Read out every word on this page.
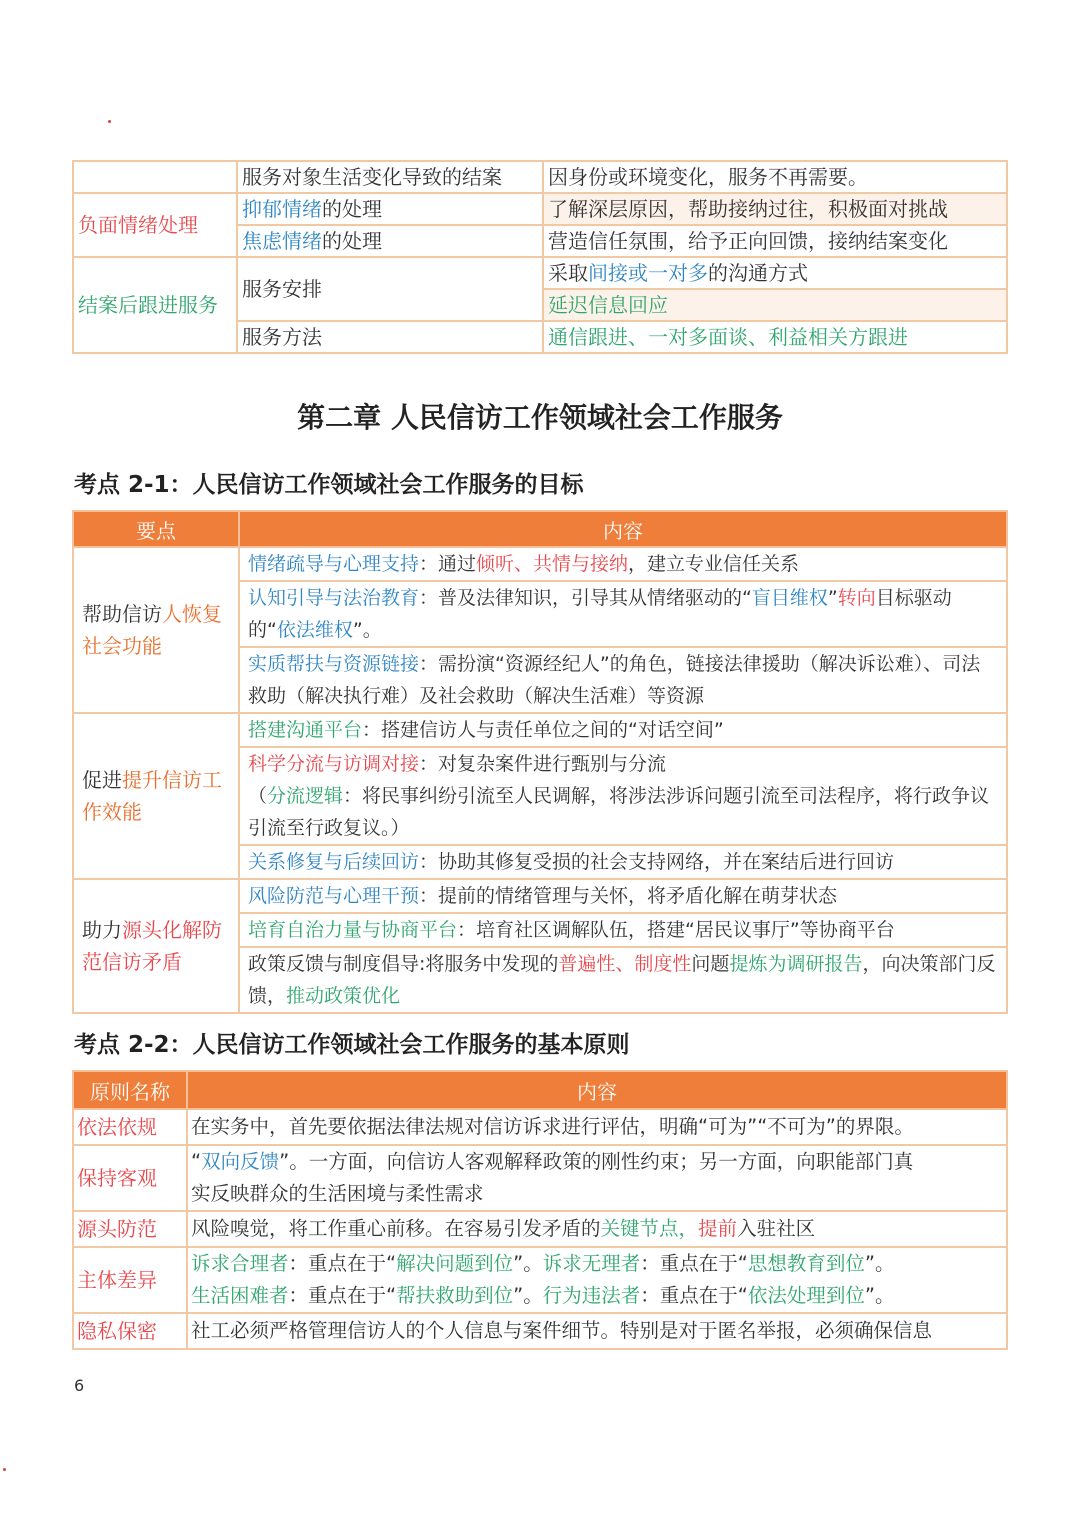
	服务对象生活变化导致的结案	因身份或环境变化，服务不再需要。
负面情绪处理	抑郁情绪的处理	了解深层原因，帮助接纳过往，积极面对挑战
	焦虑情绪的处理	营造信任氛围，给予正向回馈，接纳结案变化
结案后跟进服务	服务安排	采取间接或一对多的沟通方式
		延迟信息回应
	服务方法	通信跟进、一对多面谈、利益相关方跟进
第二章 人民信访工作领域社会工作服务
考点 2-1：人民信访工作领域社会工作服务的目标
要点	内容
帮助信访人恢复社会功能	情绪疏导与心理支持：通过倾听、共情与接纳，建立专业信任关系
	认知引导与法治教育：普及法律知识，引导其从情绪驱动的“盲目维权”转向目标驱动的“依法维权”。
	实质帮扶与资源链接：需扮演“资源经纪人”的角色，链接法律援助（解决诉讼难）、司法救助（解决执行难）及社会救助（解决生活难）等资源
促进提升信访工作效能	搭建沟通平台：搭建信访人与责任单位之间的“对话空间”
	科学分流与访调对接：对复杂案件进行甄别与分流
（分流逻辑：将民事纠纷引流至人民调解，将涉法涉诉问题引流至司法程序，将行政争议引流至行政复议。）
	关系修复与后续回访：协助其修复受损的社会支持网络，并在案结后进行回访
助力源头化解防范信访矛盾	风险防范与心理干预：提前的情绪管理与关怀，将矛盾化解在萌芽状态
	培育自治力量与协商平台：培育社区调解队伍，搭建“居民议事厅”等协商平台
	政策反馈与制度倡导:将服务中发现的普遍性、制度性问题提炼为调研报告，向决策部门反馈，推动政策优化
考点 2-2：人民信访工作领域社会工作服务的基本原则
原则名称	内容
依法依规	在实务中，首先要依据法律法规对信访诉求进行评估，明确“可为”“不可为”的界限。
保持客观	“双向反馈”。一方面，向信访人客观解释政策的刚性约束；另一方面，向职能部门真
实反映群众的生活困境与柔性需求
源头防范	风险嗅觉，将工作重心前移。在容易引发矛盾的关键节点，提前入驻社区
主体差异	诉求合理者：重点在于“解决问题到位”。诉求无理者：重点在于“思想教育到位”。
生活困难者：重点在于“帮扶救助到位”。行为违法者：重点在于“依法处理到位”。
隐私保密	社工必须严格管理信访人的个人信息与案件细节。特别是对于匿名举报，必须确保信息
6
